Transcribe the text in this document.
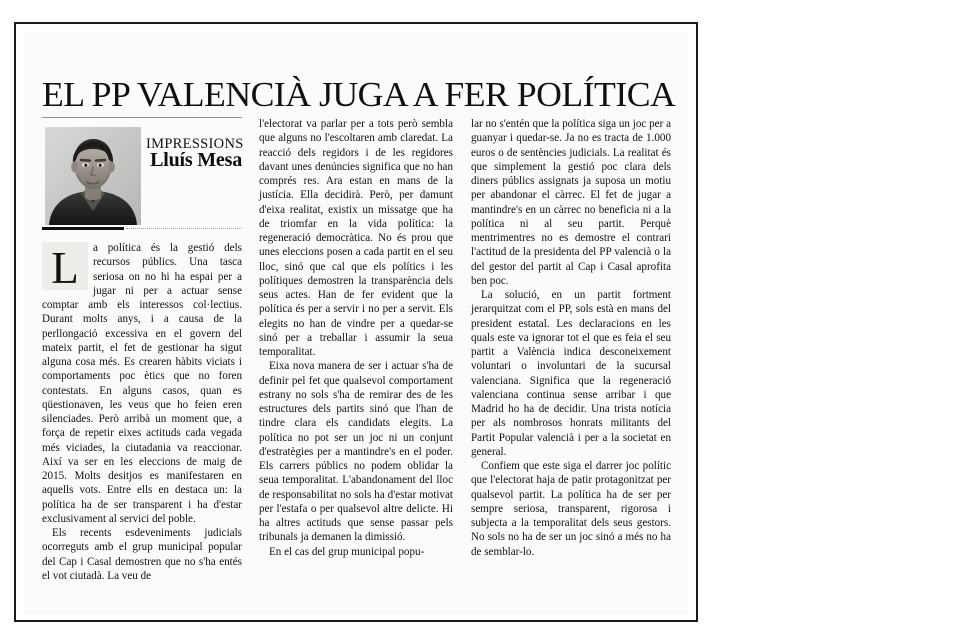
EL PP VALENCIÀ JUGA A FER POLÍTICA
IMPRESSIONS
Lluís Mesa

L	a política és la gestió dels recursos públics. Una tasca seriosa on no hi ha espai per a jugar ni per a actuar sense comptar amb els interessos col·lectius. Durant molts anys, i a causa de la perllongació excessiva en el govern del mateix partit, el fet de gestionar ha sigut alguna cosa més. Es crearen hàbits viciats i comportaments poc ètics que no foren contestats. En alguns casos, quan es qüestionaven, les veus que ho feien eren silenciades. Però arribà un moment que, a força de repetir eixes actituds cada vegada més viciades, la ciutadania va reaccionar. Així va ser en les eleccions de maig de 2015. Molts desitjos es manifestaren en aquells vots. Entre ells en destaca un: la política ha de ser transparent i ha d'estar exclusivament al servici del poble.

Els recents esdeveniments judicials ocorreguts amb el grup municipal popular del Cap i Casal demostren que no s'ha entés el vot ciutadà. La veu de

l'electorat va parlar per a tots però sembla que alguns no l'escoltaren amb claredat. La reacció dels regidors i de les regidores davant unes denúncies significa que no han comprés res. Ara estan en mans de la justícia. Ella decidirà. Però, per damunt d'eixa realitat, existix un missatge que ha de triomfar en la vida política: la regeneració democràtica. No és prou que unes eleccions posen a cada partit en el seu lloc, sinó que cal que els polítics i les polítiques demostren la transparència dels seus actes. Han de fer evident que la política és per a servir i no per a servit. Els elegits no han de vindre per a quedar-se sinó per a treballar i assumir la seua temporalitat.

Eixa nova manera de ser i actuar s'ha de definir pel fet que qualsevol comportament estrany no sols s'ha de remirar des de les estructures dels partits sinó que l'han de tindre clara els candidats elegits. La política no pot ser un joc ni un conjunt d'estratègies per a mantindre's en el poder. Els carrers públics no podem oblidar la seua temporalitat. L'abandonament del lloc de responsabilitat no sols ha d'estar motivat per l'estafa o per qualsevol altre delicte. Hi ha altres actituds que sense passar pels tribunals ja demanen la dimissió.

En el cas del grup municipal popu-

lar no s'entén que la política siga un joc per a guanyar i quedar-se. Ja no es tracta de 1.000 euros o de sentències judicials. La realitat és que simplement la gestió poc clara dels diners públics assignats ja suposa un motiu per abandonar el càrrec. El fet de jugar a mantindre's en un càrrec no beneficia ni a la política ni al seu partit. Perquè mentrimentres no es demostre el contrari l'actitud de la presidenta del PP valencià o la del gestor del partit al Cap i Casal aprofita ben poc.

La solució, en un partit fortment jerarquitzat com el PP, sols està en mans del president estatal. Les declaracions en les quals este va ignorar tot el que es feia el seu partit a València indica desconeixement voluntari o involuntari de la sucursal valenciana. Significa que la regeneració valenciana continua sense arribar i que Madrid ho ha de decidir. Una trista notícia per als nombrosos honrats militants del Partit Popular valencià i per a la societat en general.

Confiem que este siga el darrer joc polític que l'electorat haja de patir protagonitzat per qualsevol partit. La política ha de ser per sempre seriosa, transparent, rigorosa i subjecta a la temporalitat dels seus gestors. No sols no ha de ser un joc sinó a més no ha de semblar-lo.
